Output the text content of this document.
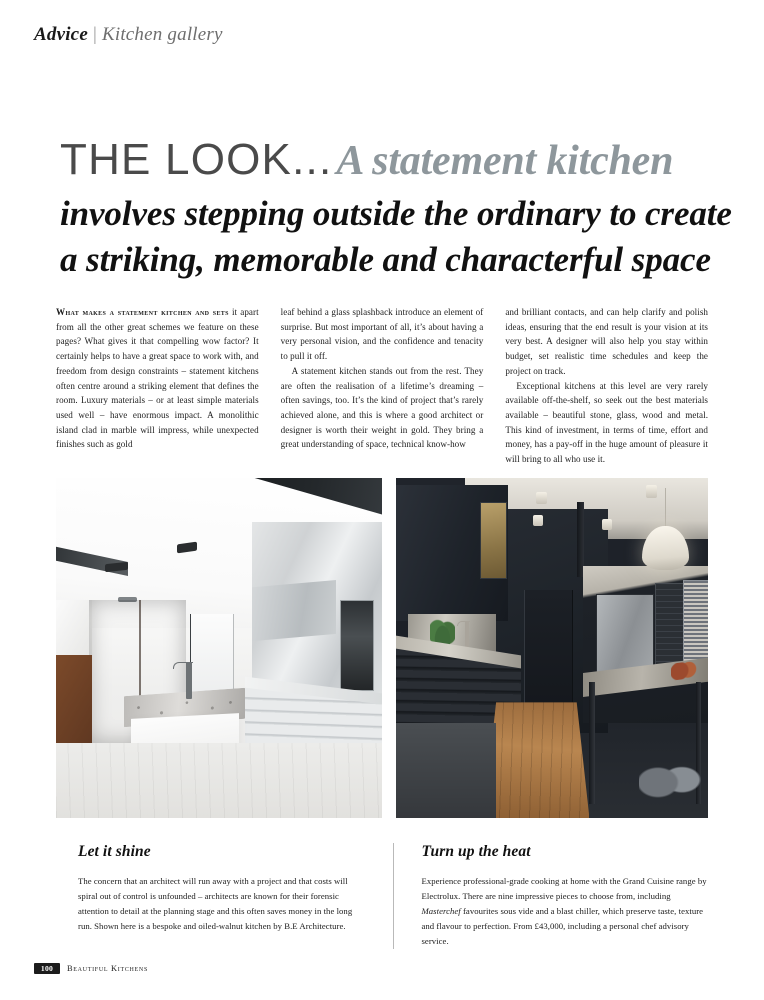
Advice | Kitchen gallery
THE LOOK...A statement kitchen
involves stepping outside the ordinary to create
a striking, memorable and characterful space

What makes a statement kitchen and sets it apart from all the other great schemes we feature on these pages? What gives it that compelling wow factor? It certainly helps to have a great space to work with, and freedom from design constraints – statement kitchens often centre around a striking element that defines the room. Luxury materials – or at least simple materials used well – have enormous impact. A monolithic island clad in marble will impress, while unexpected finishes such as gold

leaf behind a glass splashback introduce an element of surprise. But most important of all, it’s about having a very personal vision, and the confidence and tenacity to pull it off.

A statement kitchen stands out from the rest. They are often the realisation of a lifetime’s dreaming – often savings, too. It’s the kind of project that’s rarely achieved alone, and this is where a good architect or designer is worth their weight in gold. They bring a great understanding of space, technical know-how

and brilliant contacts, and can help clarify and polish ideas, ensuring that the end result is your vision at its very best. A designer will also help you stay within budget, set realistic time schedules and keep the project on track.

Exceptional kitchens at this level are very rarely available off-the-shelf, so seek out the best materials available – beautiful stone, glass, wood and metal. This kind of investment, in terms of time, effort and money, has a pay-off in the huge amount of pleasure it will bring to all who use it.

Let it shine

The concern that an architect will run away with a project and that costs will spiral out of control is unfounded – architects are known for their forensic attention to detail at the planning stage and this often saves money in the long run. Shown here is a bespoke and oiled-walnut kitchen by B.E Architecture.

Turn up the heat

Experience professional-grade cooking at home with the Grand Cuisine range by Electrolux. There are nine impressive pieces to choose from, including Masterchef favourites sous vide and a blast chiller, which preserve taste, texture and flavour to perfection. From £43,000, including a personal chef advisory service.

100	Beautiful Kitchens
